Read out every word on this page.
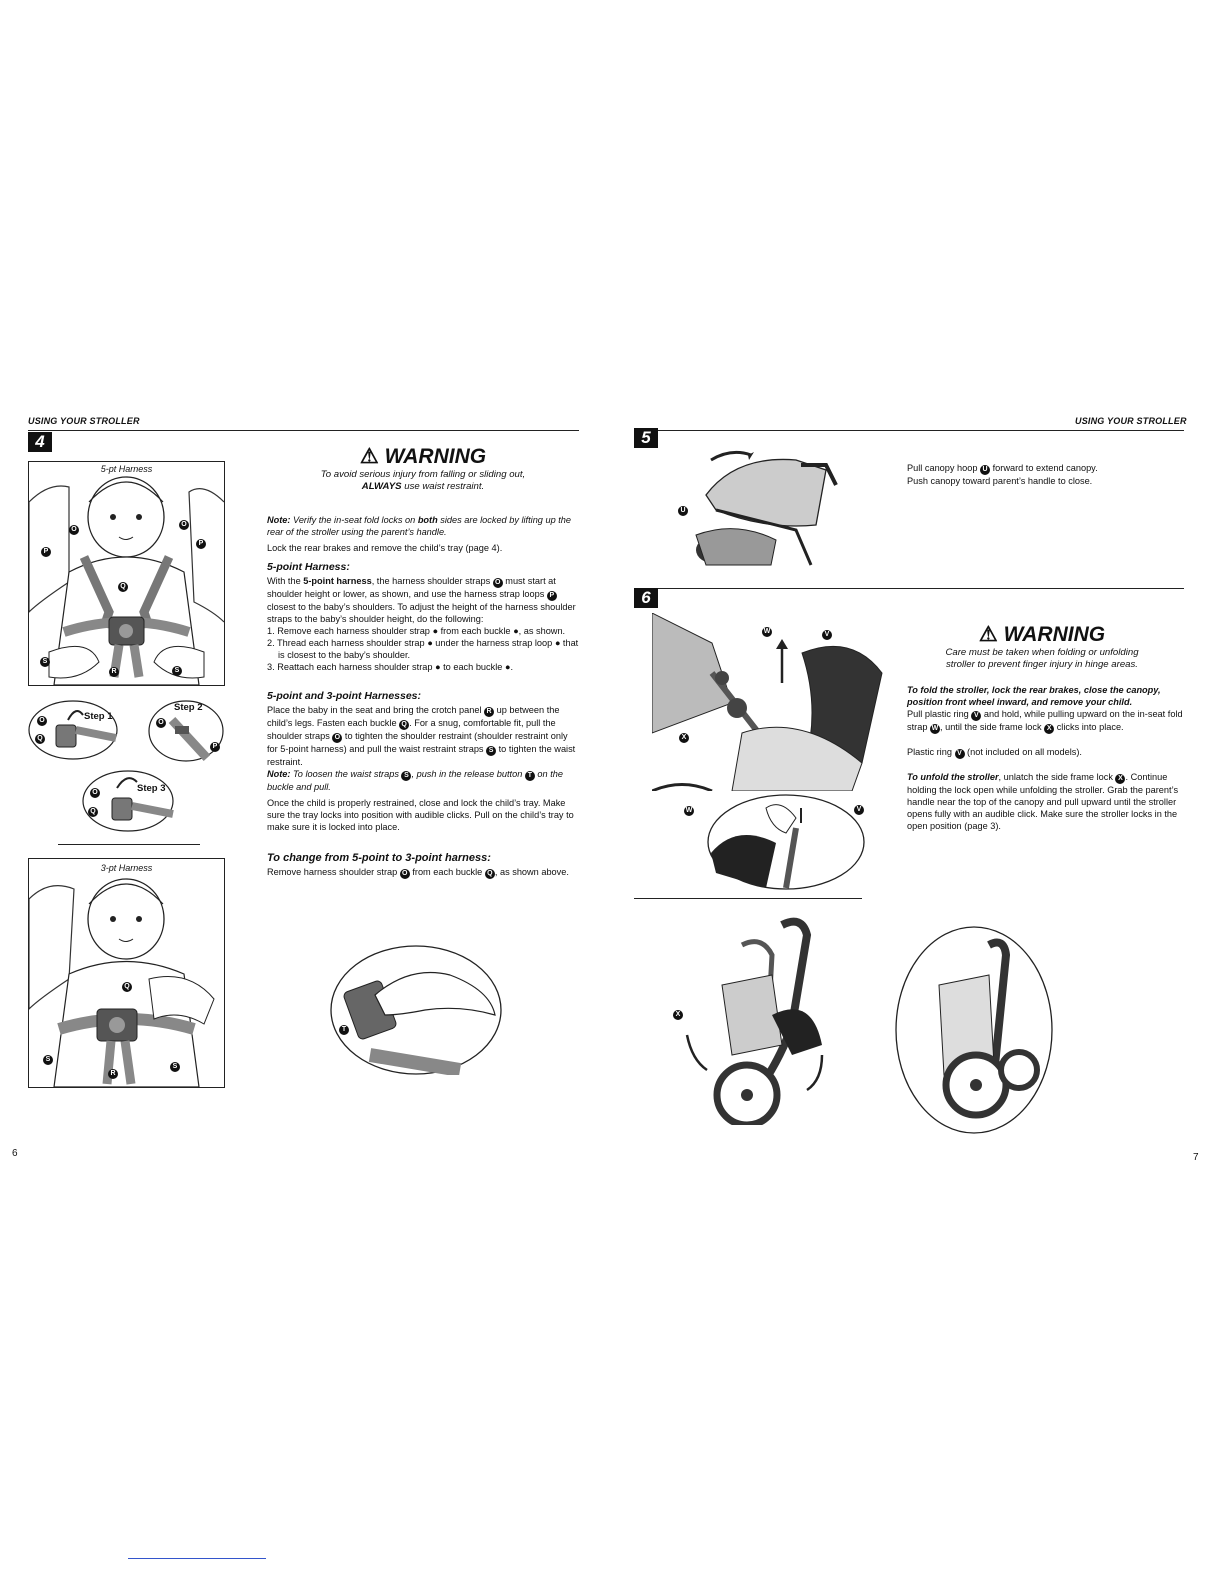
USING YOUR STROLLER
4
5-pt Harness
O
O
P
P
Q
S
R	S
Step 1
O
Q
Step 2
O
P
Step 3
O
Q
3-pt Harness
Q
S
R
S
⚠ WARNING
To avoid serious injury from falling or sliding out,
ALWAYS use waist restraint.

Note: Verify the in-seat fold locks on both sides are locked by lifting up the rear of the stroller using the parent’s handle.

Lock the rear brakes and remove the child’s tray (page 4).

5-point Harness:

With the 5-point harness, the harness shoulder straps O must start at shoulder height or lower, as shown, and use the harness strap loops P closest to the baby’s shoulders. To adjust the height of the harness shoulder straps to the baby’s shoulder height, do the following:

1. Remove each harness shoulder strap ● from each buckle ●, as shown.
2. Thread each harness shoulder strap ● under the harness strap loop ● that is closest to the baby’s shoulder.
3. Reattach each harness shoulder strap ● to each buckle ●.

5-point and 3-point Harnesses:

Place the baby in the seat and bring the crotch panel R up between the child’s legs. Fasten each buckle Q . For a snug, comfortable fit, pull the shoulder straps O to tighten the shoulder restraint (shoulder restraint only for 5-point harness) and pull the waist restraint straps S to tighten the waist restraint.

Note: To loosen the waist straps S , push in the release button T on the buckle and pull.

Once the child is properly restrained, close and lock the child’s tray. Make sure the tray locks into position with audible clicks. Pull on the child’s tray to make sure it is locked into place.

To change from 5-point to 3-point harness:

Remove harness shoulder strap O from each buckle Q , as shown above.

T
6
USING YOUR STROLLER
5
U

Pull canopy hoop U forward to extend canopy.

Push canopy toward parent’s handle to close.

6
W	V
X
W	V
⚠ WARNING
Care must be taken when folding or unfolding
stroller to prevent finger injury in hinge areas.

To fold the stroller, lock the rear brakes, close the canopy, position front wheel inward, and remove your child.

Pull plastic ring V and hold, while pulling upward on the in-seat fold strap W , until the side frame lock X clicks into place.

Plastic ring V (not included on all models).

To unfold the stroller, unlatch the side frame lock X . Continue holding the lock open while unfolding the stroller. Grab the parent’s handle near the top of the canopy and pull upward until the stroller opens fully with an audible click. Make sure the stroller locks in the open position (page 3).

X
7
